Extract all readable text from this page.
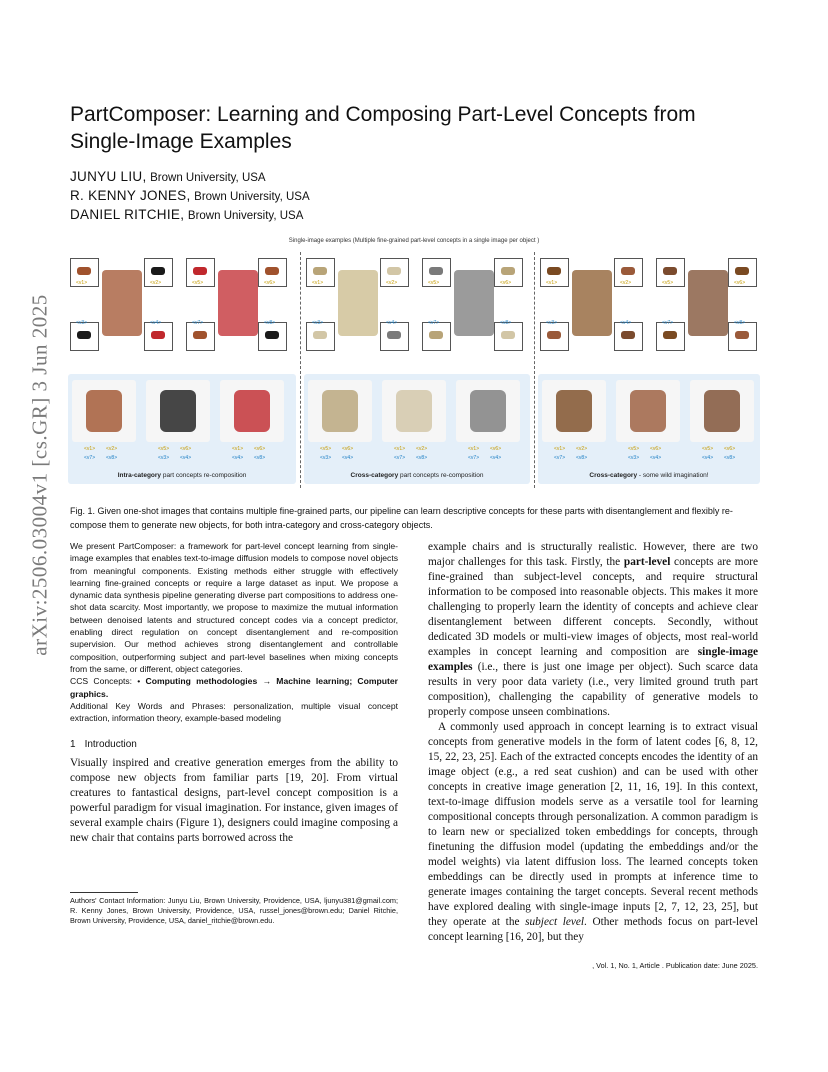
arXiv:2506.03004v1 [cs.GR] 3 Jun 2025
PartComposer: Learning and Composing Part-Level Concepts from Single-Image Examples
JUNYU LIU, Brown University, USA
R. KENNY JONES, Brown University, USA
DANIEL RITCHIE, Brown University, USA
Single-image examples (Multiple fine-grained part-level concepts in a single image per object )
<v1>	<v2>	<v5>	<v6>
<v3>	<v4>	<v7>	<v8>
<v1> <v2>
<v7> <v8>
<v5> <v6>
<v3> <v4>
<v1> <v6>
<v4> <v8>
Intra-category part concepts re-composition
<v1>	<v2>	<v5>	<v6>
<v3>	<v4>	<v7>	<v8>
<v5> <v6>
<v3> <v4>
<v1> <v2>
<v7> <v8>
<v1> <v6>
<v7> <v4>
Cross-category part concepts re-composition
<v1>	<v2>	<v5>	<v6>
<v3>	<v4>	<v7>	<v8>
<v1> <v2>
<v7> <v8>
<v5> <v6>
<v3> <v4>
<v5> <v6>
<v4> <v8>
Cross-category - some wild imagination!
Fig. 1. Given one-shot images that contains multiple fine-grained parts, our pipeline can learn descriptive concepts for these parts with disentanglement and flexibly re-compose them to generate new objects, for both intra-category and cross-category objects.

We present PartComposer: a framework for part-level concept learning from single-image examples that enables text-to-image diffusion models to compose novel objects from meaningful components. Existing methods either struggle with effectively learning fine-grained concepts or require a large dataset as input. We propose a dynamic data synthesis pipeline generating diverse part compositions to address one-shot data scarcity. Most importantly, we propose to maximize the mutual information between denoised latents and structured concept codes via a concept predictor, enabling direct regulation on concept disentanglement and re-composition supervision. Our method achieves strong disentanglement and controllable composition, outperforming subject and part-level baselines when mixing concepts from the same, or different, object categories.

CCS Concepts: • Computing methodologies → Machine learning; Computer graphics.

Additional Key Words and Phrases: personalization, multiple visual concept extraction, information theory, example-based modeling

1 Introduction

Visually inspired and creative generation emerges from the ability to compose new objects from familiar parts [19, 20]. From virtual creatures to fantastical designs, part-level concept composition is a powerful paradigm for visual imagination. For instance, given images of several example chairs (Figure 1), designers could imagine composing a new chair that contains parts borrowed across the

Authors' Contact Information: Junyu Liu, Brown University, Providence, USA, ljunyu381@gmail.com; R. Kenny Jones, Brown University, Providence, USA, russel_jones@brown.edu; Daniel Ritchie, Brown University, Providence, USA, daniel_ritchie@brown.edu.

example chairs and is structurally realistic. However, there are two major challenges for this task. Firstly, the part-level concepts are more fine-grained than subject-level concepts, and require structural information to be composed into reasonable objects. This makes it more challenging to properly learn the identity of concepts and achieve clear disentanglement between different concepts. Secondly, without dedicated 3D models or multi-view images of objects, most real-world examples in concept learning and composition are single-image examples (i.e., there is just one image per object). Such scarce data results in very poor data variety (i.e., very limited ground truth part composition), challenging the capability of generative models to properly compose unseen combinations.

A commonly used approach in concept learning is to extract visual concepts from generative models in the form of latent codes [6, 8, 12, 15, 22, 23, 25]. Each of the extracted concepts encodes the identity of an image object (e.g., a red seat cushion) and can be used with other concepts in creative image generation [2, 11, 16, 19]. In this context, text-to-image diffusion models serve as a versatile tool for learning compositional concepts through personalization. A common paradigm is to learn new or specialized token embeddings for concepts, through finetuning the diffusion model (updating the embeddings and/or the model weights) via latent diffusion loss. The learned concepts token embeddings can be directly used in prompts at inference time to generate images containing the target concepts. Several recent methods have explored dealing with single-image inputs [2, 7, 12, 23, 25], but they operate at the subject level. Other methods focus on part-level concept learning [16, 20], but they

, Vol. 1, No. 1, Article . Publication date: June 2025.
